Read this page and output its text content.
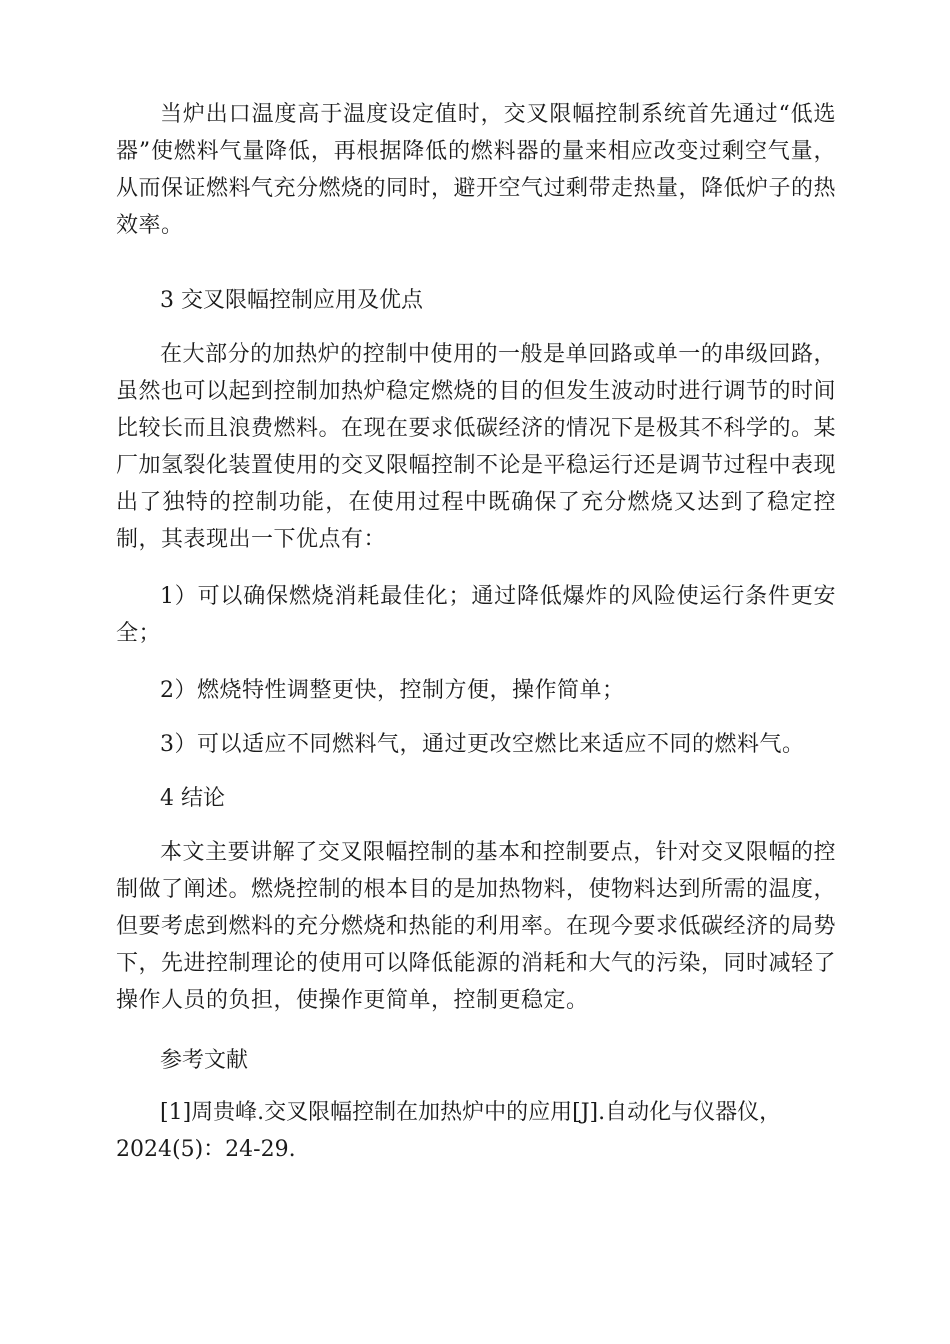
当炉出口温度高于温度设定值时，交叉限幅控制系统首先通过“低选器”使燃料气量降低，再根据降低的燃料器的量来相应改变过剩空气量，从而保证燃料气充分燃烧的同时，避开空气过剩带走热量，降低炉子的热效率。

3 交叉限幅控制应用及优点

在大部分的加热炉的控制中使用的一般是单回路或单一的串级回路，虽然也可以起到控制加热炉稳定燃烧的目的但发生波动时进行调节的时间比较长而且浪费燃料。在现在要求低碳经济的情况下是极其不科学的。某厂加氢裂化装置使用的交叉限幅控制不论是平稳运行还是调节过程中表现出了独特的控制功能，在使用过程中既确保了充分燃烧又达到了稳定控制，其表现出一下优点有：

1）可以确保燃烧消耗最佳化；通过降低爆炸的风险使运行条件更安全；

2）燃烧特性调整更快，控制方便，操作简单；

3）可以适应不同燃料气，通过更改空燃比来适应不同的燃料气。

4 结论

本文主要讲解了交叉限幅控制的基本和控制要点，针对交叉限幅的控制做了阐述。燃烧控制的根本目的是加热物料，使物料达到所需的温度，但要考虑到燃料的充分燃烧和热能的利用率。在现今要求低碳经济的局势下，先进控制理论的使用可以降低能源的消耗和大气的污染，同时减轻了操作人员的负担，使操作更简单，控制更稳定。

参考文献

[1]周贵峰.交叉限幅控制在加热炉中的应用[J].自动化与仪器仪，2024(5)：24-29.
